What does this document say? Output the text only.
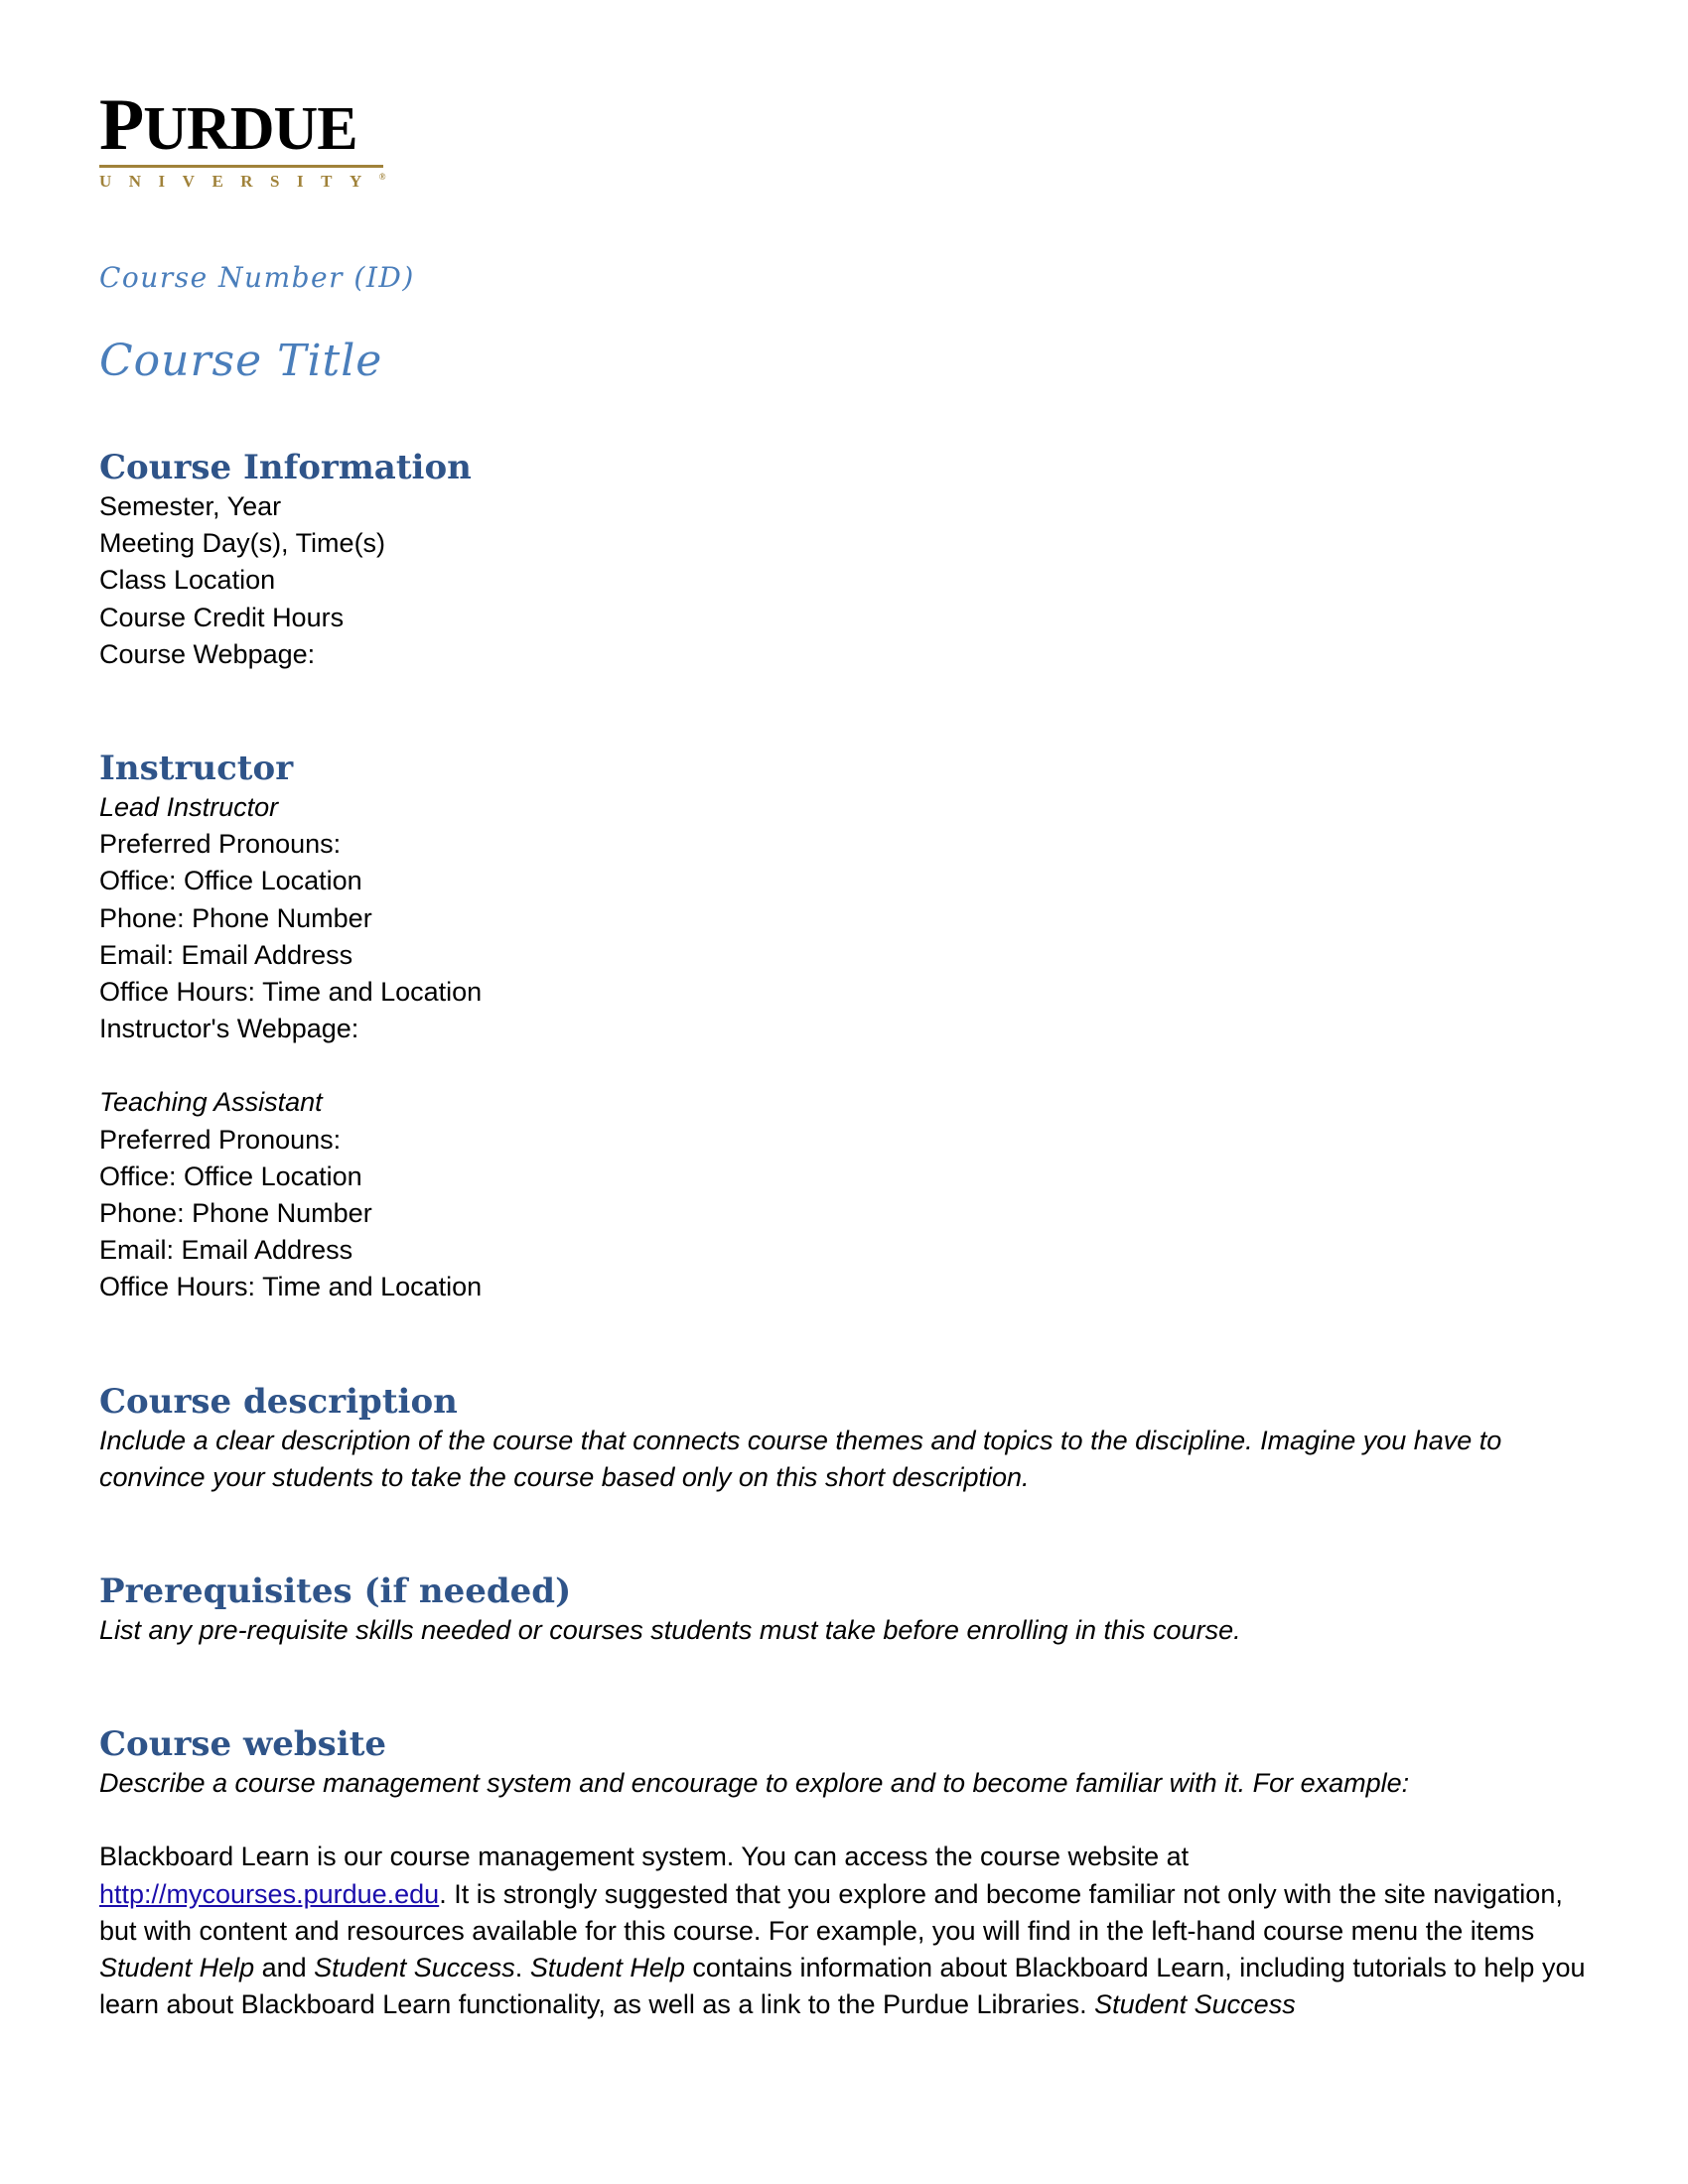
PURDUE
UNIVERSITY®

Course Number (ID)

Course Title

Course Information

Semester, Year

Meeting Day(s), Time(s)

Class Location

Course Credit Hours

Course Webpage:

Instructor

Lead Instructor

Preferred Pronouns:

Office: Office Location

Phone: Phone Number

Email: Email Address

Office Hours: Time and Location

Instructor's Webpage:

Teaching Assistant

Preferred Pronouns:

Office: Office Location

Phone: Phone Number

Email: Email Address

Office Hours: Time and Location

Course description

Include a clear description of the course that connects course themes and topics to the discipline. Imagine you have to convince your students to take the course based only on this short description.

Prerequisites (if needed)

List any pre-requisite skills needed or courses students must take before enrolling in this course.

Course website

Describe a course management system and encourage to explore and to become familiar with it. For example:

Blackboard Learn is our course management system. You can access the course website at
http://mycourses.purdue.edu. It is strongly suggested that you explore and become familiar not only with the site navigation, but with content and resources available for this course. For example, you will find in the left-hand course menu the items Student Help and Student Success. Student Help contains information about Blackboard Learn, including tutorials to help you learn about Blackboard Learn functionality, as well as a link to the Purdue Libraries. Student Success
